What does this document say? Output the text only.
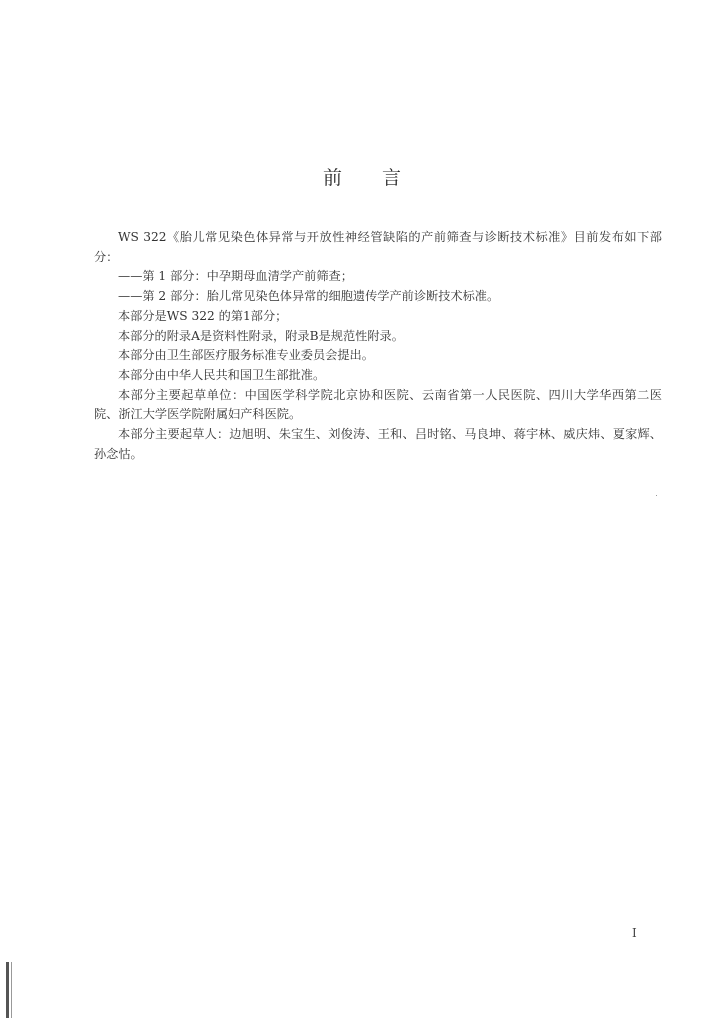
前 言

WS 322《胎儿常见染色体异常与开放性神经管缺陷的产前筛查与诊断技术标准》目前发布如下部分：

——第 1 部分：中孕期母血清学产前筛查；

——第 2 部分：胎儿常见染色体异常的细胞遗传学产前诊断技术标准。

本部分是WS 322 的第1部分；

本部分的附录A是资料性附录，附录B是规范性附录。

本部分由卫生部医疗服务标准专业委员会提出。

本部分由中华人民共和国卫生部批准。

本部分主要起草单位：中国医学科学院北京协和医院、云南省第一人民医院、四川大学华西第二医院、浙江大学医学院附属妇产科医院。

本部分主要起草人：边旭明、朱宝生、刘俊涛、王和、吕时铭、马良坤、蒋宇林、威庆炜、夏家辉、孙念怙。

I
